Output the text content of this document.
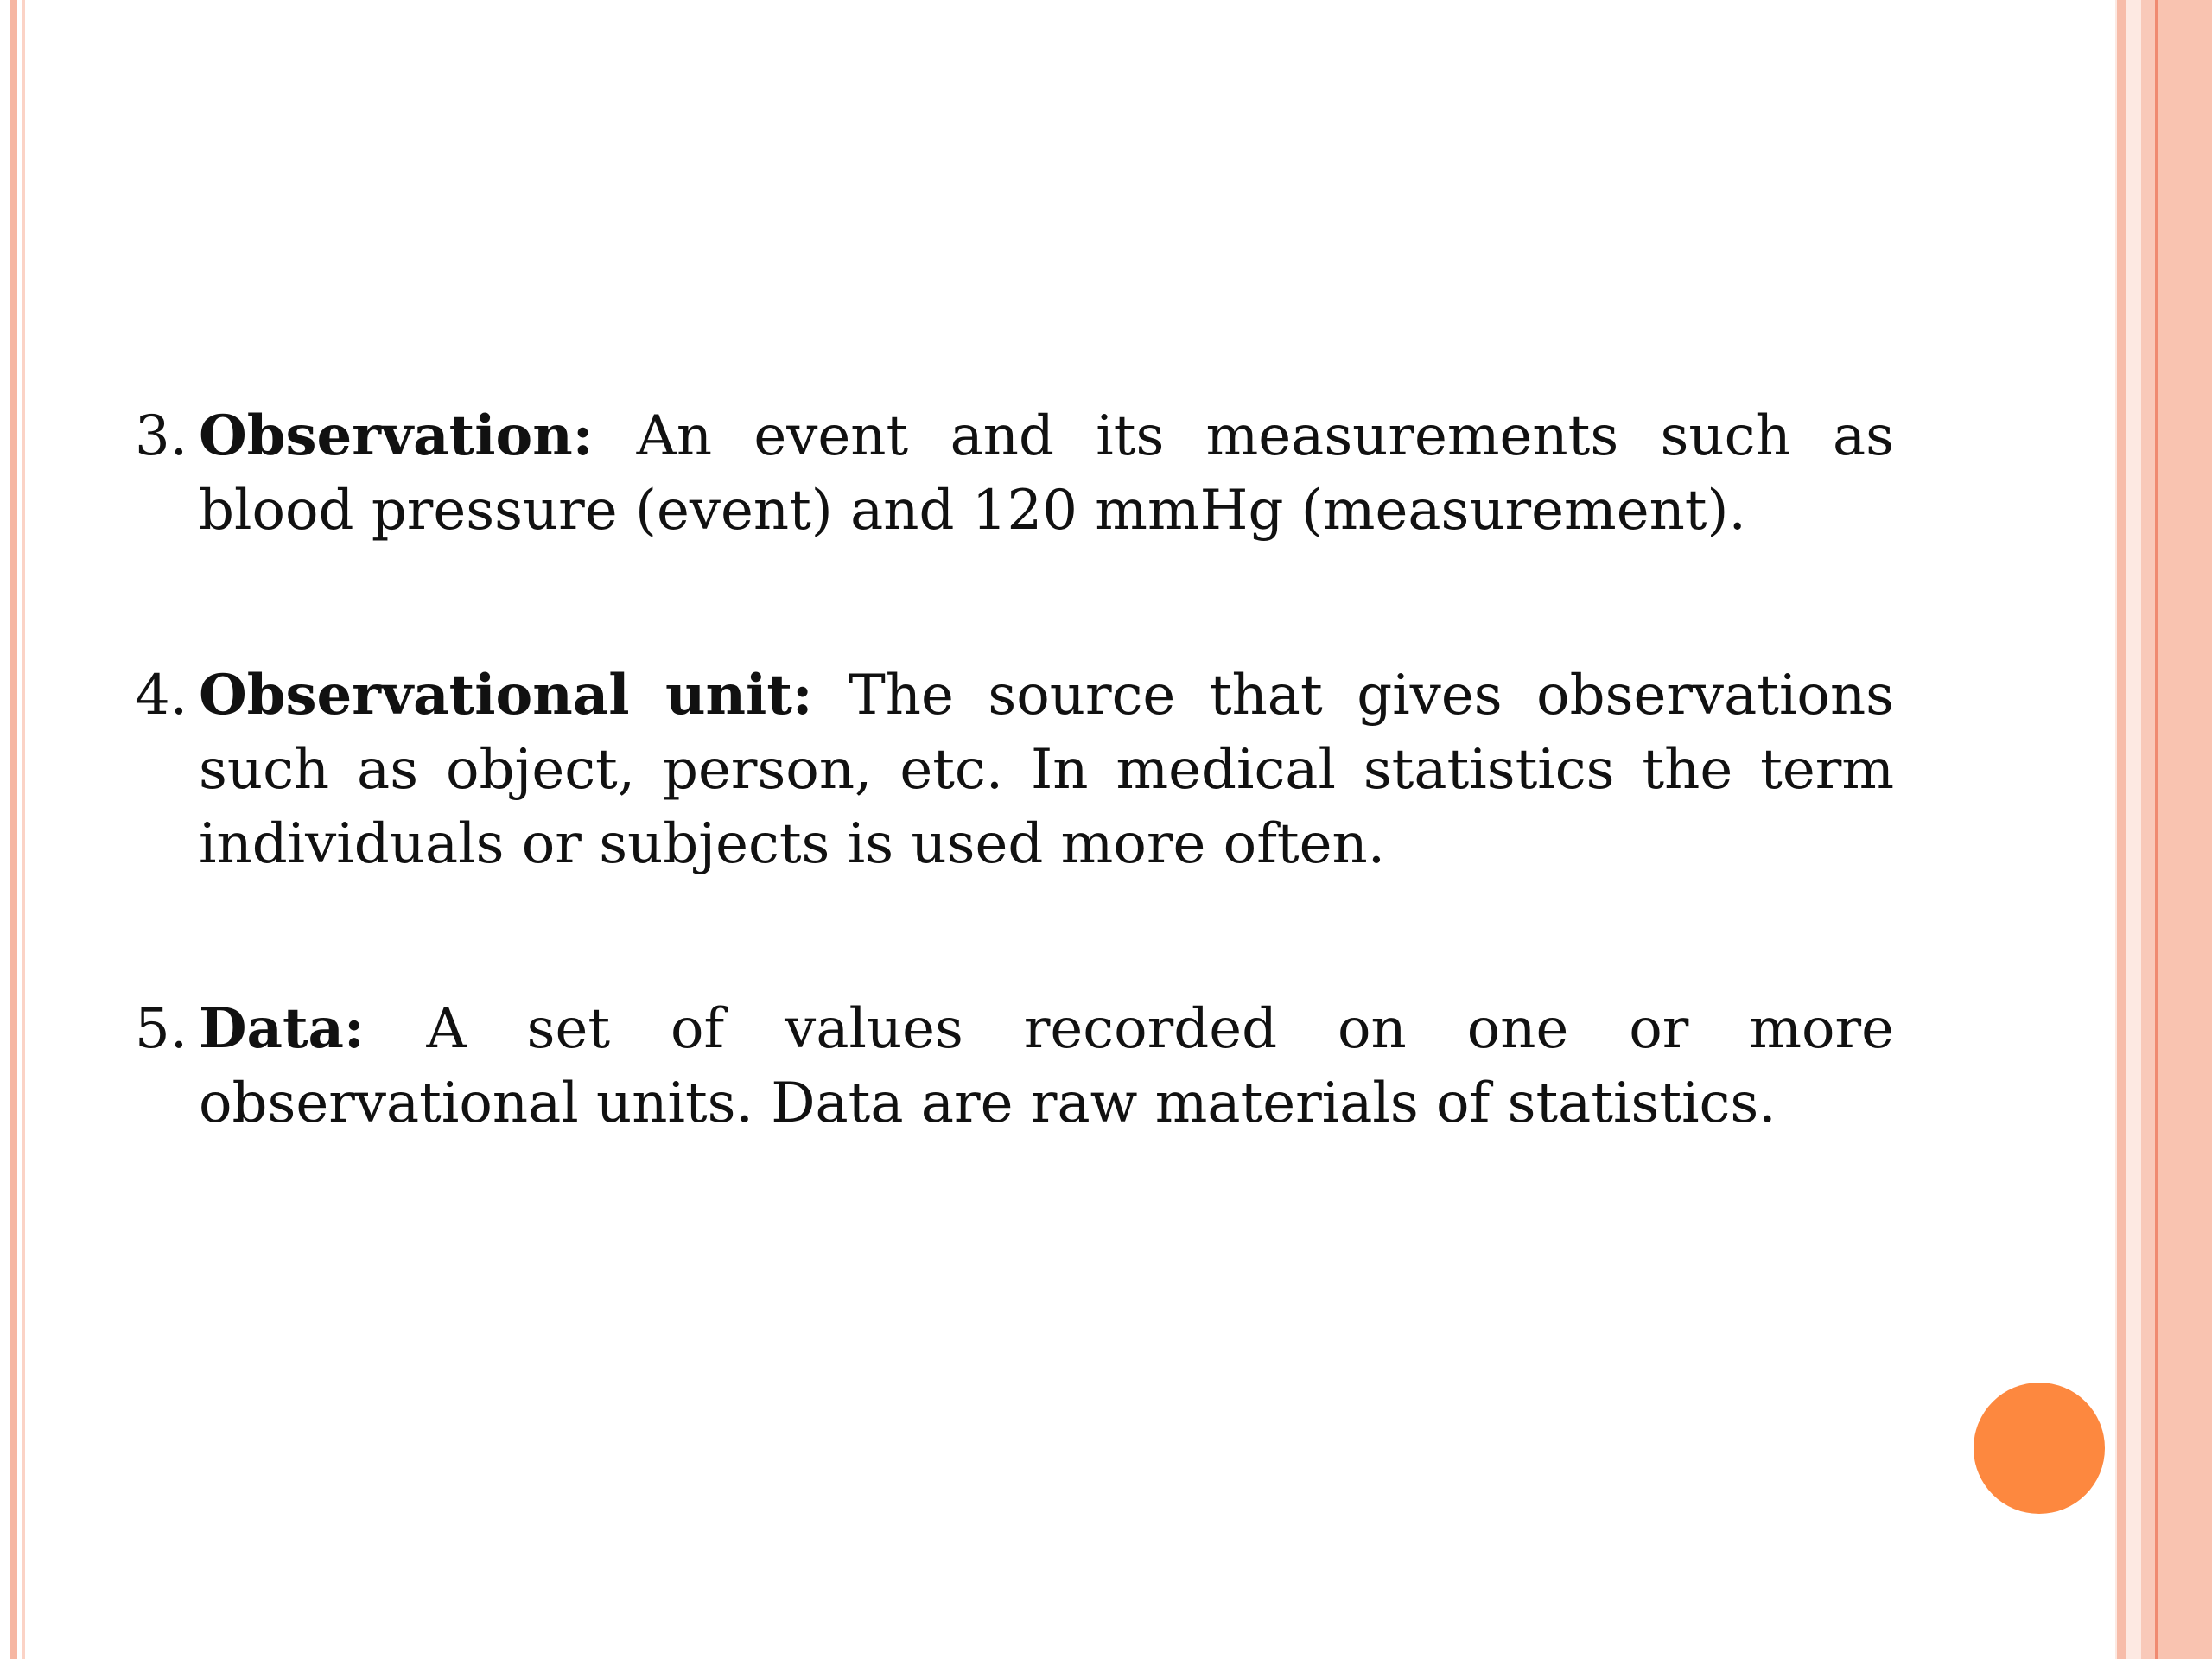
3. Observation: An event and its measurements such as blood pressure (event) and 120 mmHg (measurement).
4. Observational unit: The source that gives observations such as object, person, etc. In medical statistics the term individuals or subjects is used more often.
5. Data: A set of values recorded on one or more observational units. Data are raw materials of statistics.
